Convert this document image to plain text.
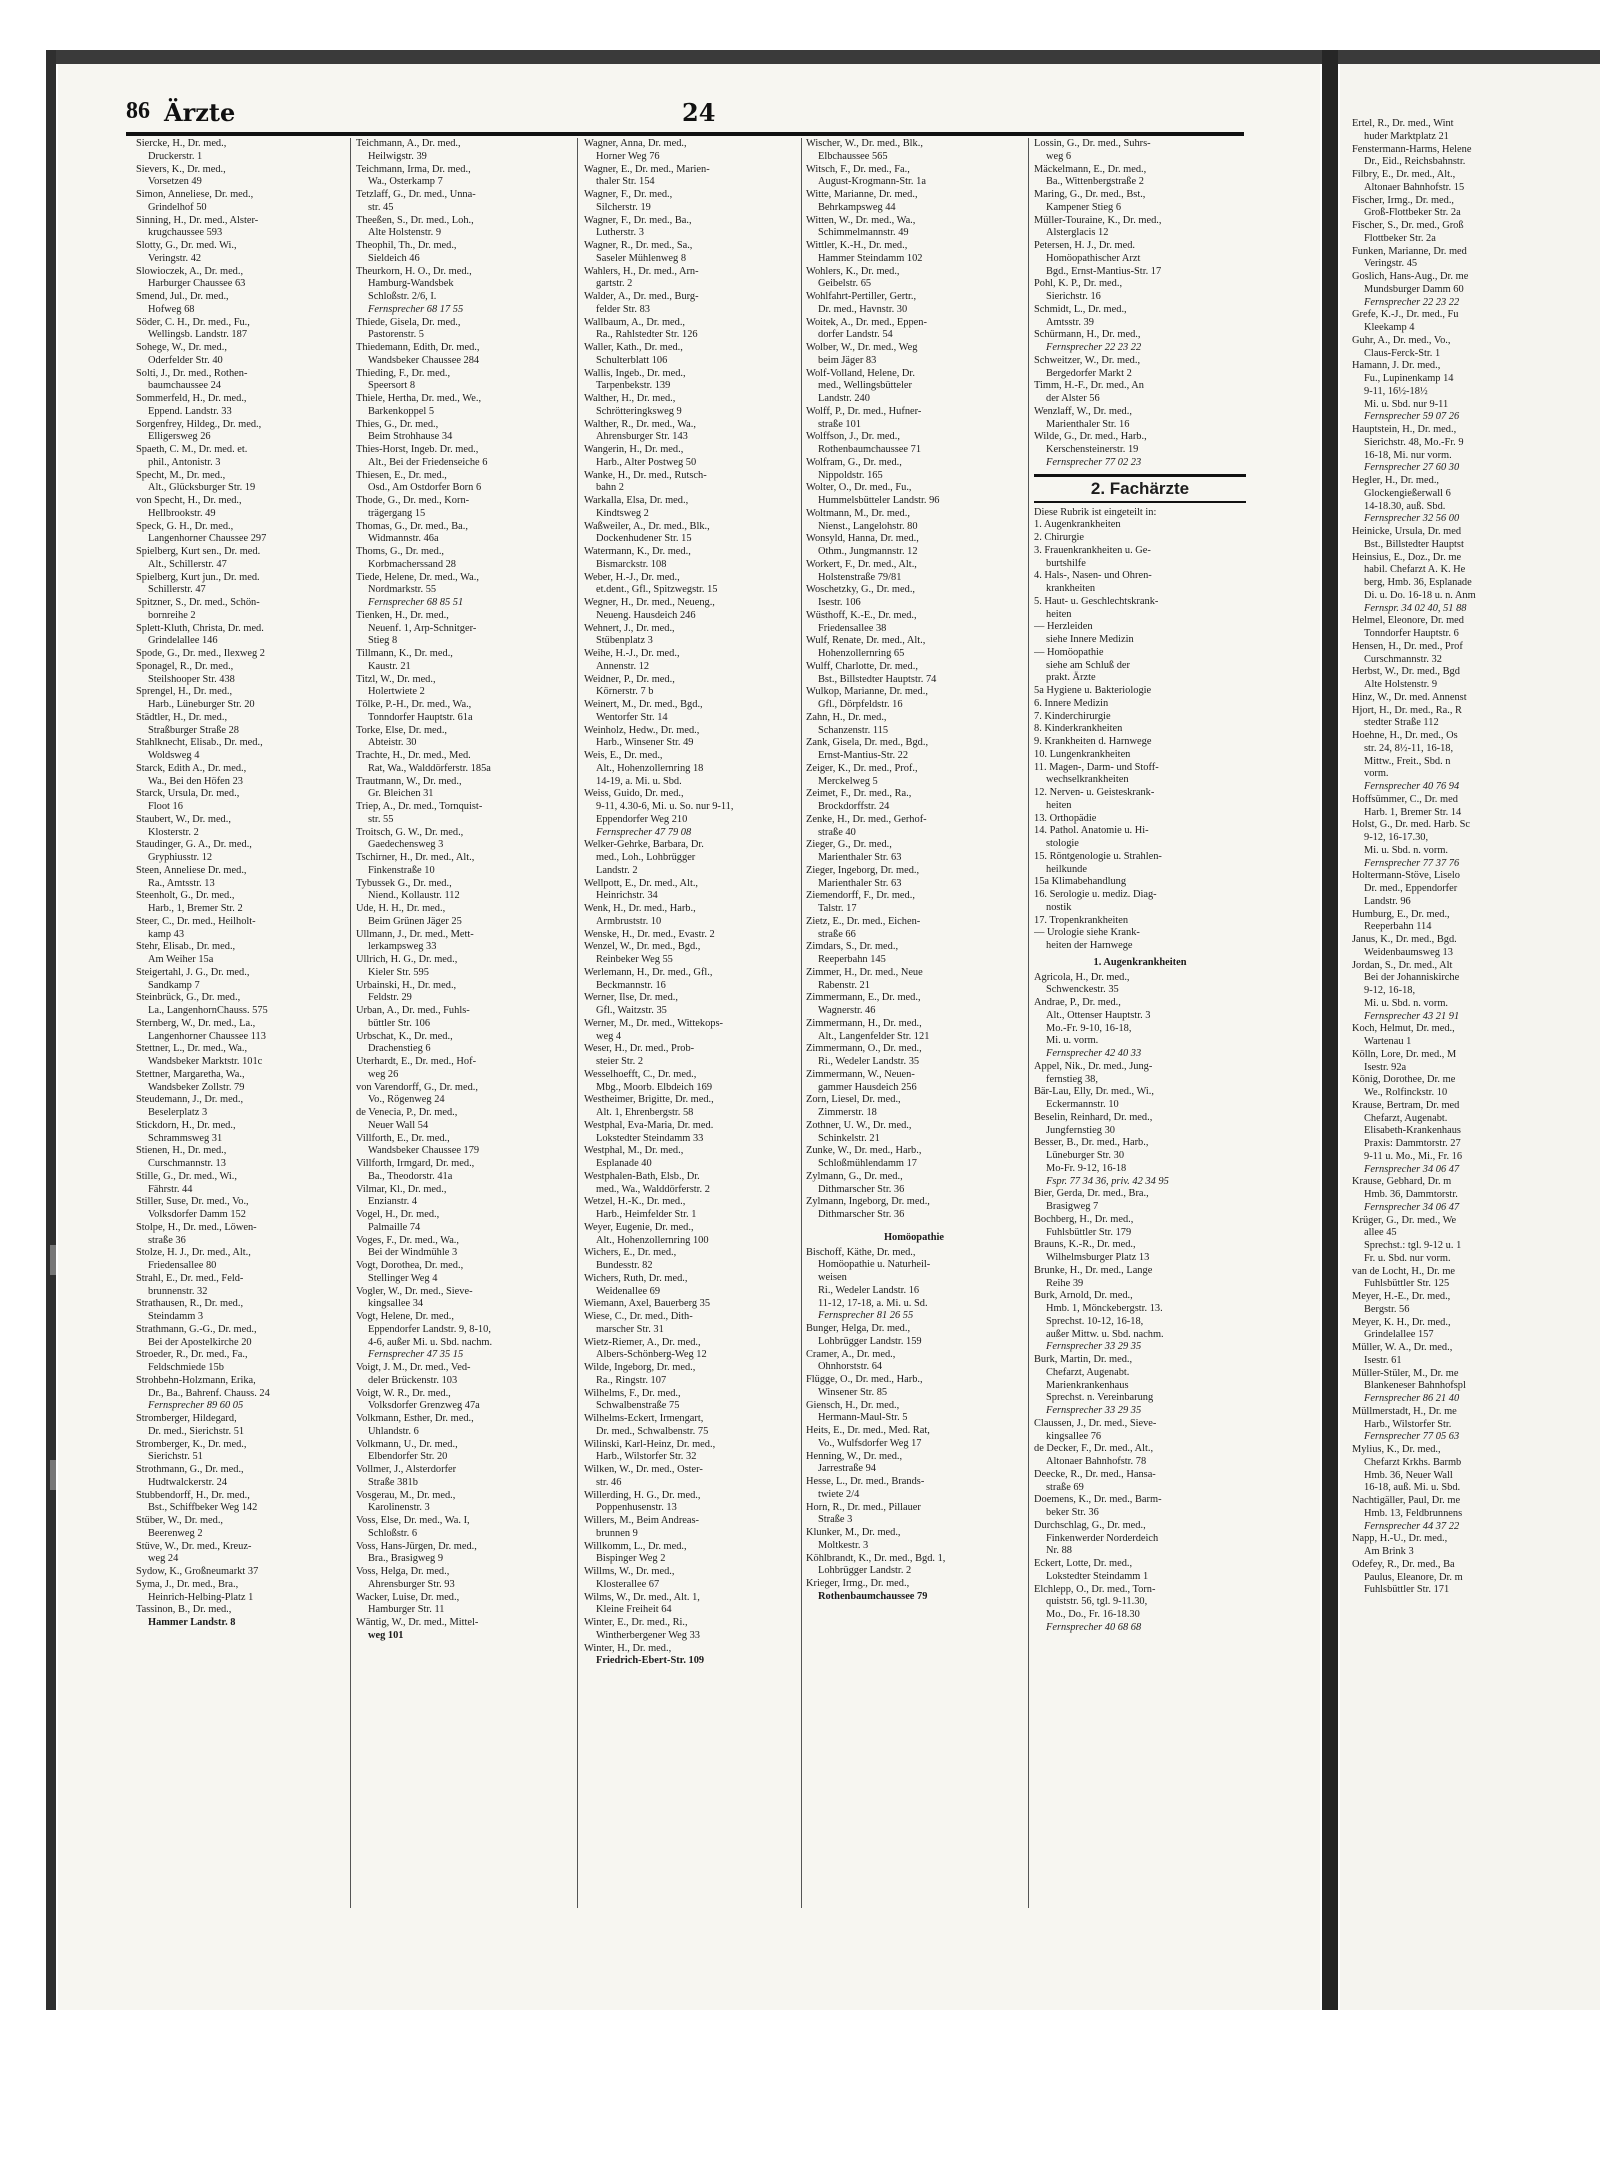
86 Ärzte	24
Siercke, H., Dr. med.,
Druckerstr. 1
Sievers, K., Dr. med.,
Vorsetzen 49
Simon, Anneliese, Dr. med.,
Grindelhof 50
Sinning, H., Dr. med., Alster-
krugchaussee 593
Slotty, G., Dr. med. Wi.,
Veringstr. 42
Slowioczek, A., Dr. med.,
Harburger Chaussee 63
Smend, Jul., Dr. med.,
Hofweg 68
Söder, C. H., Dr. med., Fu.,
Wellingsb. Landstr. 187
Sohege, W., Dr. med.,
Oderfelder Str. 40
Solti, J., Dr. med., Rothen-
baumchaussee 24
Sommerfeld, H., Dr. med.,
Eppend. Landstr. 33
Sorgenfrey, Hildeg., Dr. med.,
Elligersweg 26
Spaeth, C. M., Dr. med. et.
phil., Antonistr. 3
Specht, M., Dr. med.,
Alt., Glücksburger Str. 19
von Specht, H., Dr. med.,
Hellbrookstr. 49
Speck, G. H., Dr. med.,
Langenhorner Chaussee 297
Spielberg, Kurt sen., Dr. med.
Alt., Schillerstr. 47
Spielberg, Kurt jun., Dr. med.
Schillerstr. 47
Spitzner, S., Dr. med., Schön-
bornreihe 2
Splett-Kluth, Christa, Dr. med.
Grindelallee 146
Spode, G., Dr. med., Ilexweg 2
Sponagel, R., Dr. med.,
Steilshooper Str. 438
Sprengel, H., Dr. med.,
Harb., Lüneburger Str. 20
Städtler, H., Dr. med.,
Straßburger Straße 28
Stahlknecht, Elisab., Dr. med.,
Woldsweg 4
Starck, Edith A., Dr. med.,
Wa., Bei den Höfen 23
Starck, Ursula, Dr. med.,
Floot 16
Staubert, W., Dr. med.,
Klosterstr. 2
Staudinger, G. A., Dr. med.,
Gryphiusstr. 12
Steen, Anneliese Dr. med.,
Ra., Amtsstr. 13
Steenholt, G., Dr. med.,
Harb., 1, Bremer Str. 2
Steer, C., Dr. med., Heilholt-
kamp 43
Stehr, Elisab., Dr. med.,
Am Weiher 15a
Steigertahl, J. G., Dr. med.,
Sandkamp 7
Steinbrück, G., Dr. med.,
La., LangenhornChauss. 575
Sternberg, W., Dr. med., La.,
Langenhorner Chaussee 113
Stettner, L., Dr. med., Wa.,
Wandsbeker Marktstr. 101c
Stettner, Margaretha, Wa.,
Wandsbeker Zollstr. 79
Steudemann, J., Dr. med.,
Beselerplatz 3
Stickdorn, H., Dr. med.,
Schrammsweg 31
Stienen, H., Dr. med.,
Curschmannstr. 13
Stille, G., Dr. med., Wi.,
Fährstr. 44
Stiller, Suse, Dr. med., Vo.,
Volksdorfer Damm 152
Stolpe, H., Dr. med., Löwen-
straße 36
Stolze, H. J., Dr. med., Alt.,
Friedensallee 80
Strahl, E., Dr. med., Feld-
brunnenstr. 32
Strathausen, R., Dr. med.,
Steindamm 3
Strathmann, G.-G., Dr. med.,
Bei der Apostelkirche 20
Stroeder, R., Dr. med., Fa.,
Feldschmiede 15b
Strohbehn-Holzmann, Erika,
Dr., Ba., Bahrenf. Chauss. 24
Fernsprecher 89 60 05
Stromberger, Hildegard,
Dr. med., Sierichstr. 51
Stromberger, K., Dr. med.,
Sierichstr. 51
Strothmann, G., Dr. med.,
Hudtwalckerstr. 24
Stubbendorff, H., Dr. med.,
Bst., Schiffbeker Weg 142
Stüber, W., Dr. med.,
Beerenweg 2
Stüve, W., Dr. med., Kreuz-
weg 24
Sydow, K., Großneumarkt 37
Syma, J., Dr. med., Bra.,
Heinrich-Helbing-Platz 1
Tassinon, B., Dr. med.,
Hammer Landstr. 8
Teichmann, A., Dr. med.,
Heilwigstr. 39
Teichmann, Irma, Dr. med.,
Wa., Osterkamp 7
Tetzlaff, G., Dr. med., Unna-
str. 45
Theeßen, S., Dr. med., Loh.,
Alte Holstenstr. 9
Theophil, Th., Dr. med.,
Sieldeich 46
Theurkorn, H. O., Dr. med.,
Hamburg-Wandsbek
Schloßstr. 2/6, I.
Fernsprecher 68 17 55
Thiede, Gisela, Dr. med.,
Pastorenstr. 5
Thiedemann, Edith, Dr. med.,
Wandsbeker Chaussee 284
Thieding, F., Dr. med.,
Speersort 8
Thiele, Hertha, Dr. med., We.,
Barkenkoppel 5
Thies, G., Dr. med.,
Beim Strohhause 34
Thies-Horst, Ingeb. Dr. med.,
Alt., Bei der Friedenseiche 6
Thiesen, E., Dr. med.,
Osd., Am Ostdorfer Born 6
Thode, G., Dr. med., Korn-
trägergang 15
Thomas, G., Dr. med., Ba.,
Widmannstr. 46a
Thoms, G., Dr. med.,
Korbmacherssand 28
Tiede, Helene, Dr. med., Wa.,
Nordmarkstr. 55
Fernsprecher 68 85 51
Tienken, H., Dr. med.,
Neuenf. 1, Arp-Schnitger-
Stieg 8
Tillmann, K., Dr. med.,
Kaustr. 21
Titzl, W., Dr. med.,
Holertwiete 2
Tölke, P.-H., Dr. med., Wa.,
Tonndorfer Hauptstr. 61a
Torke, Else, Dr. med.,
Abteistr. 30
Trachte, H., Dr. med., Med.
Rat, Wa., Walddörferstr. 185a
Trautmann, W., Dr. med.,
Gr. Bleichen 31
Triep, A., Dr. med., Tornquist-
str. 55
Troitsch, G. W., Dr. med.,
Gaedechensweg 3
Tschirner, H., Dr. med., Alt.,
Finkenstraße 10
Tybussek G., Dr. med.,
Niend., Kollaustr. 112
Ude, H. H., Dr. med.,
Beim Grünen Jäger 25
Ullmann, J., Dr. med., Mett-
lerkampsweg 33
Ullrich, H. G., Dr. med.,
Kieler Str. 595
Urbainski, H., Dr. med.,
Feldstr. 29
Urban, A., Dr. med., Fuhls-
büttler Str. 106
Urbschat, K., Dr. med.,
Drachenstieg 6
Uterhardt, E., Dr. med., Hof-
weg 26
von Varendorff, G., Dr. med.,
Vo., Rögenweg 24
de Venecia, P., Dr. med.,
Neuer Wall 54
Villforth, E., Dr. med.,
Wandsbeker Chaussee 179
Villforth, Irmgard, Dr. med.,
Ba., Theodorstr. 41a
Vilmar, Kl., Dr. med.,
Enzianstr. 4
Vogel, H., Dr. med.,
Palmaille 74
Voges, F., Dr. med., Wa.,
Bei der Windmühle 3
Vogt, Dorothea, Dr. med.,
Stellinger Weg 4
Vogler, W., Dr. med., Sieve-
kingsallee 34
Vogt, Helene, Dr. med.,
Eppendorfer Landstr. 9, 8-10,
4-6, außer Mi. u. Sbd. nachm.
Fernsprecher 47 35 15
Voigt, J. M., Dr. med., Ved-
deler Brückenstr. 103
Voigt, W. R., Dr. med.,
Volksdorfer Grenzweg 47a
Volkmann, Esther, Dr. med.,
Uhlandstr. 6
Volkmann, U., Dr. med.,
Elbendorfer Str. 20
Vollmer, J., Alsterdorfer
Straße 381b
Vosgerau, M., Dr. med.,
Karolinenstr. 3
Voss, Else, Dr. med., Wa. I,
Schloßstr. 6
Voss, Hans-Jürgen, Dr. med.,
Bra., Brasigweg 9
Voss, Helga, Dr. med.,
Ahrensburger Str. 93
Wacker, Luise, Dr. med.,
Hamburger Str. 11
Wäntig, W., Dr. med., Mittel-
weg 101
Wagner, Anna, Dr. med.,
Horner Weg 76
Wagner, E., Dr. med., Marien-
thaler Str. 154
Wagner, F., Dr. med.,
Silcherstr. 19
Wagner, F., Dr. med., Ba.,
Lutherstr. 3
Wagner, R., Dr. med., Sa.,
Saseler Mühlenweg 8
Wahlers, H., Dr. med., Arn-
gartstr. 2
Walder, A., Dr. med., Burg-
felder Str. 83
Wallbaum, A., Dr. med.,
Ra., Rahlstedter Str. 126
Waller, Kath., Dr. med.,
Schulterblatt 106
Wallis, Ingeb., Dr. med.,
Tarpenbekstr. 139
Walther, H., Dr. med.,
Schrötteringksweg 9
Walther, R., Dr. med., Wa.,
Ahrensburger Str. 143
Wangerin, H., Dr. med.,
Harb., Alter Postweg 50
Wanke, H., Dr. med., Rutsch-
bahn 2
Warkalla, Elsa, Dr. med.,
Kindtsweg 2
Waßweiler, A., Dr. med., Blk.,
Dockenhudener Str. 15
Watermann, K., Dr. med.,
Bismarckstr. 108
Weber, H.-J., Dr. med.,
et.dent., Gfl., Spitzwegstr. 15
Wegner, H., Dr. med., Neueng.,
Neueng. Hausdeich 246
Wehnert, J., Dr. med.,
Stübenplatz 3
Weihe, H.-J., Dr. med.,
Annenstr. 12
Weidner, P., Dr. med.,
Körnerstr. 7 b
Weinert, M., Dr. med., Bgd.,
Wentorfer Str. 14
Weinholz, Hedw., Dr. med.,
Harb., Winsener Str. 49
Weis, E., Dr. med.,
Alt., Hohenzollernring 18
14-19, a. Mi. u. Sbd.
Weiss, Guido, Dr. med.,
9-11, 4.30-6, Mi. u. So. nur 9-11,
Eppendorfer Weg 210
Fernsprecher 47 79 08
Welker-Gehrke, Barbara, Dr.
med., Loh., Lohbrügger
Landstr. 2
Wellpott, E., Dr. med., Alt.,
Heinrichstr. 34
Wenk, H., Dr. med., Harb.,
Armbruststr. 10
Wenske, H., Dr. med., Evastr. 2
Wenzel, W., Dr. med., Bgd.,
Reinbeker Weg 55
Werlemann, H., Dr. med., Gfl.,
Beckmannstr. 16
Werner, Ilse, Dr. med.,
Gfl., Waitzstr. 35
Werner, M., Dr. med., Wittekops-
weg 4
Weser, H., Dr. med., Prob-
steier Str. 2
Wesselhoefft, C., Dr. med.,
Mbg., Moorb. Elbdeich 169
Westheimer, Brigitte, Dr. med.,
Alt. 1, Ehrenbergstr. 58
Westphal, Eva-Maria, Dr. med.
Lokstedter Steindamm 33
Westphal, M., Dr. med.,
Esplanade 40
Westphalen-Bath, Elsb., Dr.
med., Wa., Walddörferstr. 2
Wetzel, H.-K., Dr. med.,
Harb., Heimfelder Str. 1
Weyer, Eugenie, Dr. med.,
Alt., Hohenzollernring 100
Wichers, E., Dr. med.,
Bundesstr. 82
Wichers, Ruth, Dr. med.,
Weidenallee 69
Wiemann, Axel, Bauerberg 35
Wiese, C., Dr. med., Dith-
marscher Str. 31
Wietz-Riemer, A., Dr. med.,
Albers-Schönberg-Weg 12
Wilde, Ingeborg, Dr. med.,
Ra., Ringstr. 107
Wilhelms, F., Dr. med.,
Schwalbenstraße 75
Wilhelms-Eckert, Irmengart,
Dr. med., Schwalbenstr. 75
Wilinski, Karl-Heinz, Dr. med.,
Harb., Wilstorfer Str. 32
Wilken, W., Dr. med., Oster-
str. 46
Willerding, H. G., Dr. med.,
Poppenhusenstr. 13
Willers, M., Beim Andreas-
brunnen 9
Willkomm, L., Dr. med.,
Bispinger Weg 2
Willms, W., Dr. med.,
Klosterallee 67
Wilms, W., Dr. med., Alt. 1,
Kleine Freiheit 64
Winter, E., Dr. med., Ri.,
Wintherbergener Weg 33
Winter, H., Dr. med.,
Friedrich-Ebert-Str. 109
Wischer, W., Dr. med., Blk.,
Elbchaussee 565
Witsch, F., Dr. med., Fa.,
August-Krogmann-Str. 1a
Witte, Marianne, Dr. med.,
Behrkampsweg 44
Witten, W., Dr. med., Wa.,
Schimmelmannstr. 49
Wittler, K.-H., Dr. med.,
Hammer Steindamm 102
Wohlers, K., Dr. med.,
Geibelstr. 65
Wohlfahrt-Pertiller, Gertr.,
Dr. med., Havnstr. 30
Woitek, A., Dr. med., Eppen-
dorfer Landstr. 54
Wolber, W., Dr. med., Weg
beim Jäger 83
Wolf-Volland, Helene, Dr.
med., Wellingsbütteler
Landstr. 240
Wolff, P., Dr. med., Hufner-
straße 101
Wolffson, J., Dr. med.,
Rothenbaumchaussee 71
Wolfram, G., Dr. med.,
Nippoldstr. 165
Wolter, O., Dr. med., Fu.,
Hummelsbütteler Landstr. 96
Woltmann, M., Dr. med.,
Nienst., Langelohstr. 80
Wonsyld, Hanna, Dr. med.,
Othm., Jungmannstr. 12
Workert, F., Dr. med., Alt.,
Holstenstraße 79/81
Woschetzky, G., Dr. med.,
Isestr. 106
Wüsthoff, K.-E., Dr. med.,
Friedensallee 38
Wulf, Renate, Dr. med., Alt.,
Hohenzollernring 65
Wulff, Charlotte, Dr. med.,
Bst., Billstedter Hauptstr. 74
Wulkop, Marianne, Dr. med.,
Gfl., Dörpfeldstr. 16
Zahn, H., Dr. med.,
Schanzenstr. 115
Zank, Gisela, Dr. med., Bgd.,
Ernst-Mantius-Str. 22
Zeiger, K., Dr. med., Prof.,
Merckelweg 5
Zeimet, F., Dr. med., Ra.,
Brockdorffstr. 24
Zenke, H., Dr. med., Gerhof-
straße 40
Zieger, G., Dr. med.,
Marienthaler Str. 63
Zieger, Ingeborg, Dr. med.,
Marienthaler Str. 63
Ziemendorff, F., Dr. med.,
Talstr. 17
Zietz, E., Dr. med., Eichen-
straße 66
Zimdars, S., Dr. med.,
Reeperbahn 145
Zimmer, H., Dr. med., Neue
Rabenstr. 21
Zimmermann, E., Dr. med.,
Wagnerstr. 46
Zimmermann, H., Dr. med.,
Alt., Langenfelder Str. 121
Zimmermann, O., Dr. med.,
Ri., Wedeler Landstr. 35
Zimmermann, W., Neuen-
gammer Hausdeich 256
Zorn, Liesel, Dr. med.,
Zimmerstr. 18
Zothner, U. W., Dr. med.,
Schinkelstr. 21
Zunke, W., Dr. med., Harb.,
Schloßmühlendamm 17
Zylmann, G., Dr. med.,
Dithmarscher Str. 36
Zylmann, Ingeborg, Dr. med.,
Dithmarscher Str. 36
Homöopathie
Bischoff, Käthe, Dr. med.,
Homöopathie u. Naturheil-
weisen
Ri., Wedeler Landstr. 16
11-12, 17-18, a. Mi. u. Sd.
Fernsprecher 81 26 55
Bunger, Helga, Dr. med.,
Lohbrügger Landstr. 159
Cramer, A., Dr. med.,
Ohnhorststr. 64
Flügge, O., Dr. med., Harb.,
Winsener Str. 85
Giensch, H., Dr. med.,
Hermann-Maul-Str. 5
Heits, E., Dr. med., Med. Rat,
Vo., Wulfsdorfer Weg 17
Henning, W., Dr. med.,
Jarrestraße 94
Hesse, L., Dr. med., Brands-
twiete 2/4
Horn, R., Dr. med., Pillauer
Straße 3
Klunker, M., Dr. med.,
Moltkestr. 3
Köhlbrandt, K., Dr. med., Bgd. 1,
Lohbrügger Landstr. 2
Krieger, Irmg., Dr. med.,
Rothenbaumchaussee 79
Lossin, G., Dr. med., Suhrs-
weg 6
Mäckelmann, E., Dr. med.,
Ba., Wittenbergstraße 2
Maring, G., Dr. med., Bst.,
Kampener Stieg 6
Müller-Touraine, K., Dr. med.,
Alsterglacis 12
Petersen, H. J., Dr. med.
Homöopathischer Arzt
Bgd., Ernst-Mantius-Str. 17
Pohl, K. P., Dr. med.,
Sierichstr. 16
Schmidt, L., Dr. med.,
Amtsstr. 39
Schürmann, H., Dr. med.,
Fernsprecher 22 23 22
Schweitzer, W., Dr. med.,
Bergedorfer Markt 2
Timm, H.-F., Dr. med., An
der Alster 56
Wenzlaff, W., Dr. med.,
Marienthaler Str. 16
Wilde, G., Dr. med., Harb.,
Kerschensteinerstr. 19
Fernsprecher 77 02 23
2. Fachärzte
Diese Rubrik ist eingeteilt in:
1. Augenkrankheiten
2. Chirurgie
3. Frauenkrankheiten u. Ge-
burtshilfe
4. Hals-, Nasen- und Ohren-
krankheiten
5. Haut- u. Geschlechtskrank-
heiten
— Herzleiden
siehe Innere Medizin
— Homöopathie
siehe am Schluß der
prakt. Ärzte
5a Hygiene u. Bakteriologie
6. Innere Medizin
7. Kinderchirurgie
8. Kinderkrankheiten
9. Krankheiten d. Harnwege
10. Lungenkrankheiten
11. Magen-, Darm- und Stoff-
wechselkrankheiten
12. Nerven- u. Geisteskrank-
heiten
13. Orthopädie
14. Pathol. Anatomie u. Hi-
stologie
15. Röntgenologie u. Strahlen-
heilkunde
15a Klimabehandlung
16. Serologie u. mediz. Diag-
nostik
17. Tropenkrankheiten
— Urologie siehe Krank-
heiten der Harnwege
1. Augenkrankheiten
Agricola, H., Dr. med.,
Schwenckestr. 35
Andrae, P., Dr. med.,
Alt., Ottenser Hauptstr. 3
Mo.-Fr. 9-10, 16-18,
Mi. u. vorm.
Fernsprecher 42 40 33
Appel, Nik., Dr. med., Jung-
fernstieg 38,
Bär-Lau, Elly, Dr. med., Wi.,
Eckermannstr. 10
Beselin, Reinhard, Dr. med.,
Jungfernstieg 30
Besser, B., Dr. med., Harb.,
Lüneburger Str. 30
Mo-Fr. 9-12, 16-18
Fspr. 77 34 36, priv. 42 34 95
Bier, Gerda, Dr. med., Bra.,
Brasigweg 7
Bochberg, H., Dr. med.,
Fuhlsbüttler Str. 179
Brauns, K.-R., Dr. med.,
Wilhelmsburger Platz 13
Brunke, H., Dr. med., Lange
Reihe 39
Burk, Arnold, Dr. med.,
Hmb. 1, Mönckebergstr. 13.
Sprechst. 10-12, 16-18,
außer Mittw. u. Sbd. nachm.
Fernsprecher 33 29 35
Burk, Martin, Dr. med.,
Chefarzt, Augenabt.
Marienkrankenhaus
Sprechst. n. Vereinbarung
Fernsprecher 33 29 35
Claussen, J., Dr. med., Sieve-
kingsallee 76
de Decker, F., Dr. med., Alt.,
Altonaer Bahnhofstr. 78
Deecke, R., Dr. med., Hansa-
straße 69
Doemens, K., Dr. med., Barm-
beker Str. 36
Durchschlag, G., Dr. med.,
Finkenwerder Norderdeich
Nr. 88
Eckert, Lotte, Dr. med.,
Lokstedter Steindamm 1
Elchlepp, O., Dr. med., Torn-
quiststr. 56, tgl. 9-11.30,
Mo., Do., Fr. 16-18.30
Fernsprecher 40 68 68
Ertel, R., Dr. med., Wint
huder Marktplatz 21
Fenstermann-Harms, Helene
Dr., Eid., Reichsbahnstr.
Filbry, E., Dr. med., Alt.,
Altonaer Bahnhofstr. 15
Fischer, Irmg., Dr. med.,
Groß-Flottbeker Str. 2a
Fischer, S., Dr. med., Groß
Flottbeker Str. 2a
Funken, Marianne, Dr. med
Veringstr. 45
Goslich, Hans-Aug., Dr. me
Mundsburger Damm 60
Fernsprecher 22 23 22
Grefe, K.-J., Dr. med., Fu
Kleekamp 4
Guhr, A., Dr. med., Vo.,
Claus-Ferck-Str. 1
Hamann, J. Dr. med.,
Fu., Lupinenkamp 14
9-11, 16½-18½
Mi. u. Sbd. nur 9-11
Fernsprecher 59 07 26
Hauptstein, H., Dr. med.,
Sierichstr. 48, Mo.-Fr. 9
16-18, Mi. nur vorm.
Fernsprecher 27 60 30
Hegler, H., Dr. med.,
Glockengießerwall 6
14-18.30, auß. Sbd.
Fernsprecher 32 56 00
Heinicke, Ursula, Dr. med
Bst., Billstedter Hauptst
Heinsius, E., Doz., Dr. me
habil. Chefarzt A. K. He
berg, Hmb. 36, Esplanade
Di. u. Do. 16-18 u. n. Anm
Fernspr. 34 02 40, 51 88
Helmel, Eleonore, Dr. med
Tonndorfer Hauptstr. 6
Hensen, H., Dr. med., Prof
Curschmannstr. 32
Herbst, W., Dr. med., Bgd
Alte Holstenstr. 9
Hinz, W., Dr. med. Annenst
Hjort, H., Dr. med., Ra., R
stedter Straße 112
Hoehne, H., Dr. med., Os
str. 24, 8½-11, 16-18,
Mittw., Freit., Sbd. n
vorm.
Fernsprecher 40 76 94
Hoffsümmer, C., Dr. med
Harb. 1, Bremer Str. 14
Holst, G., Dr. med. Harb. Sc
9-12, 16-17.30,
Mi. u. Sbd. n. vorm.
Fernsprecher 77 37 76
Holtermann-Stöve, Liselo
Dr. med., Eppendorfer
Landstr. 96
Humburg, E., Dr. med.,
Reeperbahn 114
Janus, K., Dr. med., Bgd.
Weidenbaumsweg 13
Jordan, S., Dr. med., Alt
Bei der Johanniskirche
9-12, 16-18,
Mi. u. Sbd. n. vorm.
Fernsprecher 43 21 91
Koch, Helmut, Dr. med.,
Wartenau 1
Kölln, Lore, Dr. med., M
Isestr. 92a
König, Dorothee, Dr. me
We., Rolfinckstr. 10
Krause, Bertram, Dr. med
Chefarzt, Augenabt.
Elisabeth-Krankenhaus
Praxis: Dammtorstr. 27
9-11 u. Mo., Mi., Fr. 16
Fernsprecher 34 06 47
Krause, Gebhard, Dr. m
Hmb. 36, Dammtorstr.
Fernsprecher 34 06 47
Krüger, G., Dr. med., We
allee 45
Sprechst.: tgl. 9-12 u. 1
Fr. u. Sbd. nur vorm.
van de Locht, H., Dr. me
Fuhlsbüttler Str. 125
Meyer, H.-E., Dr. med.,
Bergstr. 56
Meyer, K. H., Dr. med.,
Grindelallee 157
Müller, W. A., Dr. med.,
Isestr. 61
Müller-Stüler, M., Dr. me
Blankeneser Bahnhofspl
Fernsprecher 86 21 40
Müllmerstadt, H., Dr. me
Harb., Wilstorfer Str.
Fernsprecher 77 05 63
Mylius, K., Dr. med.,
Chefarzt Krkhs. Barmb
Hmb. 36, Neuer Wall
16-18, auß. Mi. u. Sbd.
Nachtigäller, Paul, Dr. me
Hmb. 13, Feldbrunnens
Fernsprecher 44 37 22
Napp, H.-U., Dr. med.,
Am Brink 3
Odefey, R., Dr. med., Ba
Paulus, Eleanore, Dr. m
Fuhlsbüttler Str. 171
